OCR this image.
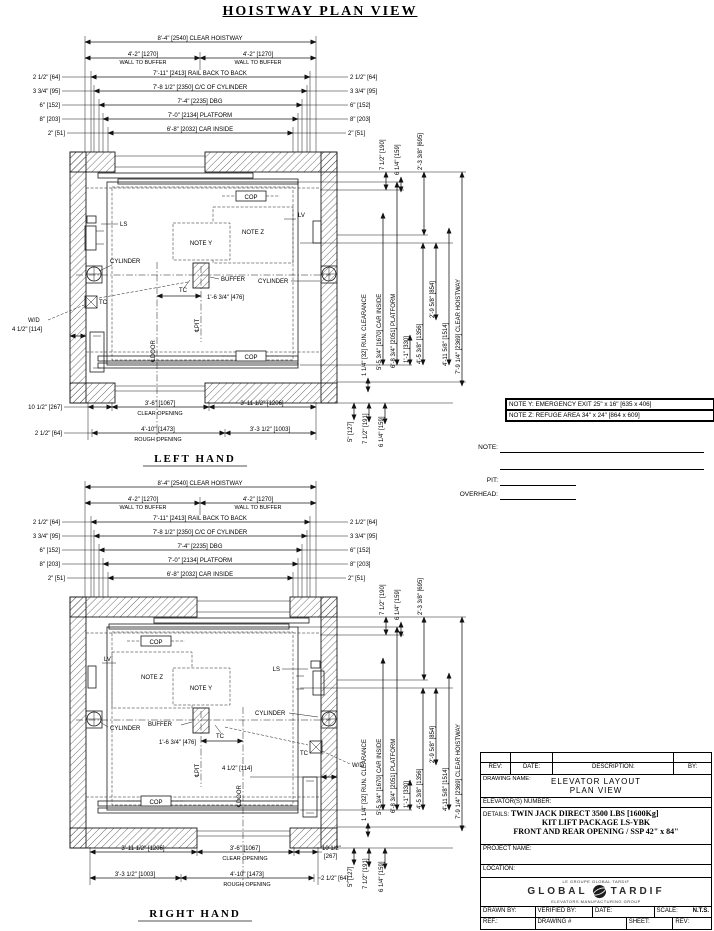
HOISTWAY PLAN VIEW
8'-4" [2540] CLEAR HOISTWAY
4'-2" [1270]	4'-2" [1270]
WALL TO BUFFER	WALL TO BUFFER
7'-11" [2413] RAIL BACK TO BACK
2 1/2" [64]	2 1/2" [64]
7'-8 1/2" [2350] C/C OF CYLINDER
3 3/4" [95]	3 3/4" [95]
7'-4" [2235] DBG
6" [152]	6" [152]
7'-0" [2134] PLATFORM
8" [203]	8" [203]
6'-8" [2032] CAR INSIDE
2" [51]	2" [51]
COP
COP
NOTE Z
NOTE Y
BUFFER
1'-6 3/4" [476]
℄PIT
℄DOOR
CYLINDER
CYLINDER
LS
LV
TC
TC
W/D
4 1/2" [114]
7 1/2" [190] 6 1/4" [159]	2'-3 3/8" [695]
1 1/4" [32] RUN. CLEARANCE 5'-5 3/4" [1670] CAR INSIDE 6'-8 3/4" [2051] PLATFORM 1'-1" [330] 4'-5 3/8" [1356]
2'-9 5/8" [854]
4'-11 5/8" [1514] 7'-9 1/4" [2369] CLEAR HOISTWAY
5" [127] 7 1/2" [191] 6 1/4" [159]
10 1/2" [267]
3'-6" [1067]
CLEAR OPENING
3'-11 1/2" [1206]
2 1/2" [64]
4'-10" [1473]
ROUGH OPENING
3'-3 1/2" [1003]
LEFT HAND
8'-4" [2540] CLEAR HOISTWAY
4'-2" [1270]	4'-2" [1270]
WALL TO BUFFER	WALL TO BUFFER
7'-11" [2413] RAIL BACK TO BACK
2 1/2" [64]	2 1/2" [64]
7'-8 1/2" [2350] C/C OF CYLINDER
3 3/4" [95]	3 3/4" [95]
7'-4" [2235] DBG
6" [152]	6" [152]
7'-0" [2134] PLATFORM
8" [203]	8" [203]
6'-8" [2032] CAR INSIDE
2" [51]	2" [51]
COP
COP
NOTE Z
NOTE Y
BUFFER
1'-6 3/4" [476]
℄PIT
℄DOOR
CYLINDER
CYLINDER
LS
LV
TC
TC
W/D
4 1/2" [114]
7 1/2" [190] 6 1/4" [159]	2'-3 3/8" [695]
1 1/4" [32] RUN. CLEARANCE 5'-5 3/4" [1670] CAR INSIDE 6'-8 3/4" [2051] PLATFORM 1'-1" [330] 4'-5 3/8" [1356]
2'-9 5/8" [854]
4'-11 5/8" [1514] 7'-9 1/4" [2369] CLEAR HOISTWAY
5" [127] 7 1/2" [191] 6 1/4" [159]
3'-11 1/2" [1206]	3'-6" [1067]
CLEAR OPENING
10 1/2"
[267]
3'-3 1/2" [1003]	4'-10" [1473]
ROUGH OPENING
2 1/2" [64]
RIGHT HAND
NOTE Y: EMERGENCY EXIT 25" x 16" [635 x 406]
NOTE Z: REFUGE AREA 34" x 24" [864 x 609]
NOTE:
PIT:
OVERHEAD:
REV:	DATE:	DESCRIPTION:	BY:
DRAWING NAME:	ELEVATOR LAYOUT
PLAN VIEW
ELEVATOR(S) NUMBER:
DETAILS: TWIN JACK DIRECT 3500 LBS [1600Kg]
KIT LIFT PACKAGE LS-YBK
FRONT AND REAR OPENING / SSP 42" x 84"
PROJECT NAME:
LOCATION:
LE GROUPE GLOBAL TARDIF
GLOBAL TARDIF
ELEVATORS MANUFACTURING GROUP
DRAWN BY:	VERIFIED BY:	DATE:	SCALE: N.T.S.
REF.:	DRAWING #	SHEET:	REV:
